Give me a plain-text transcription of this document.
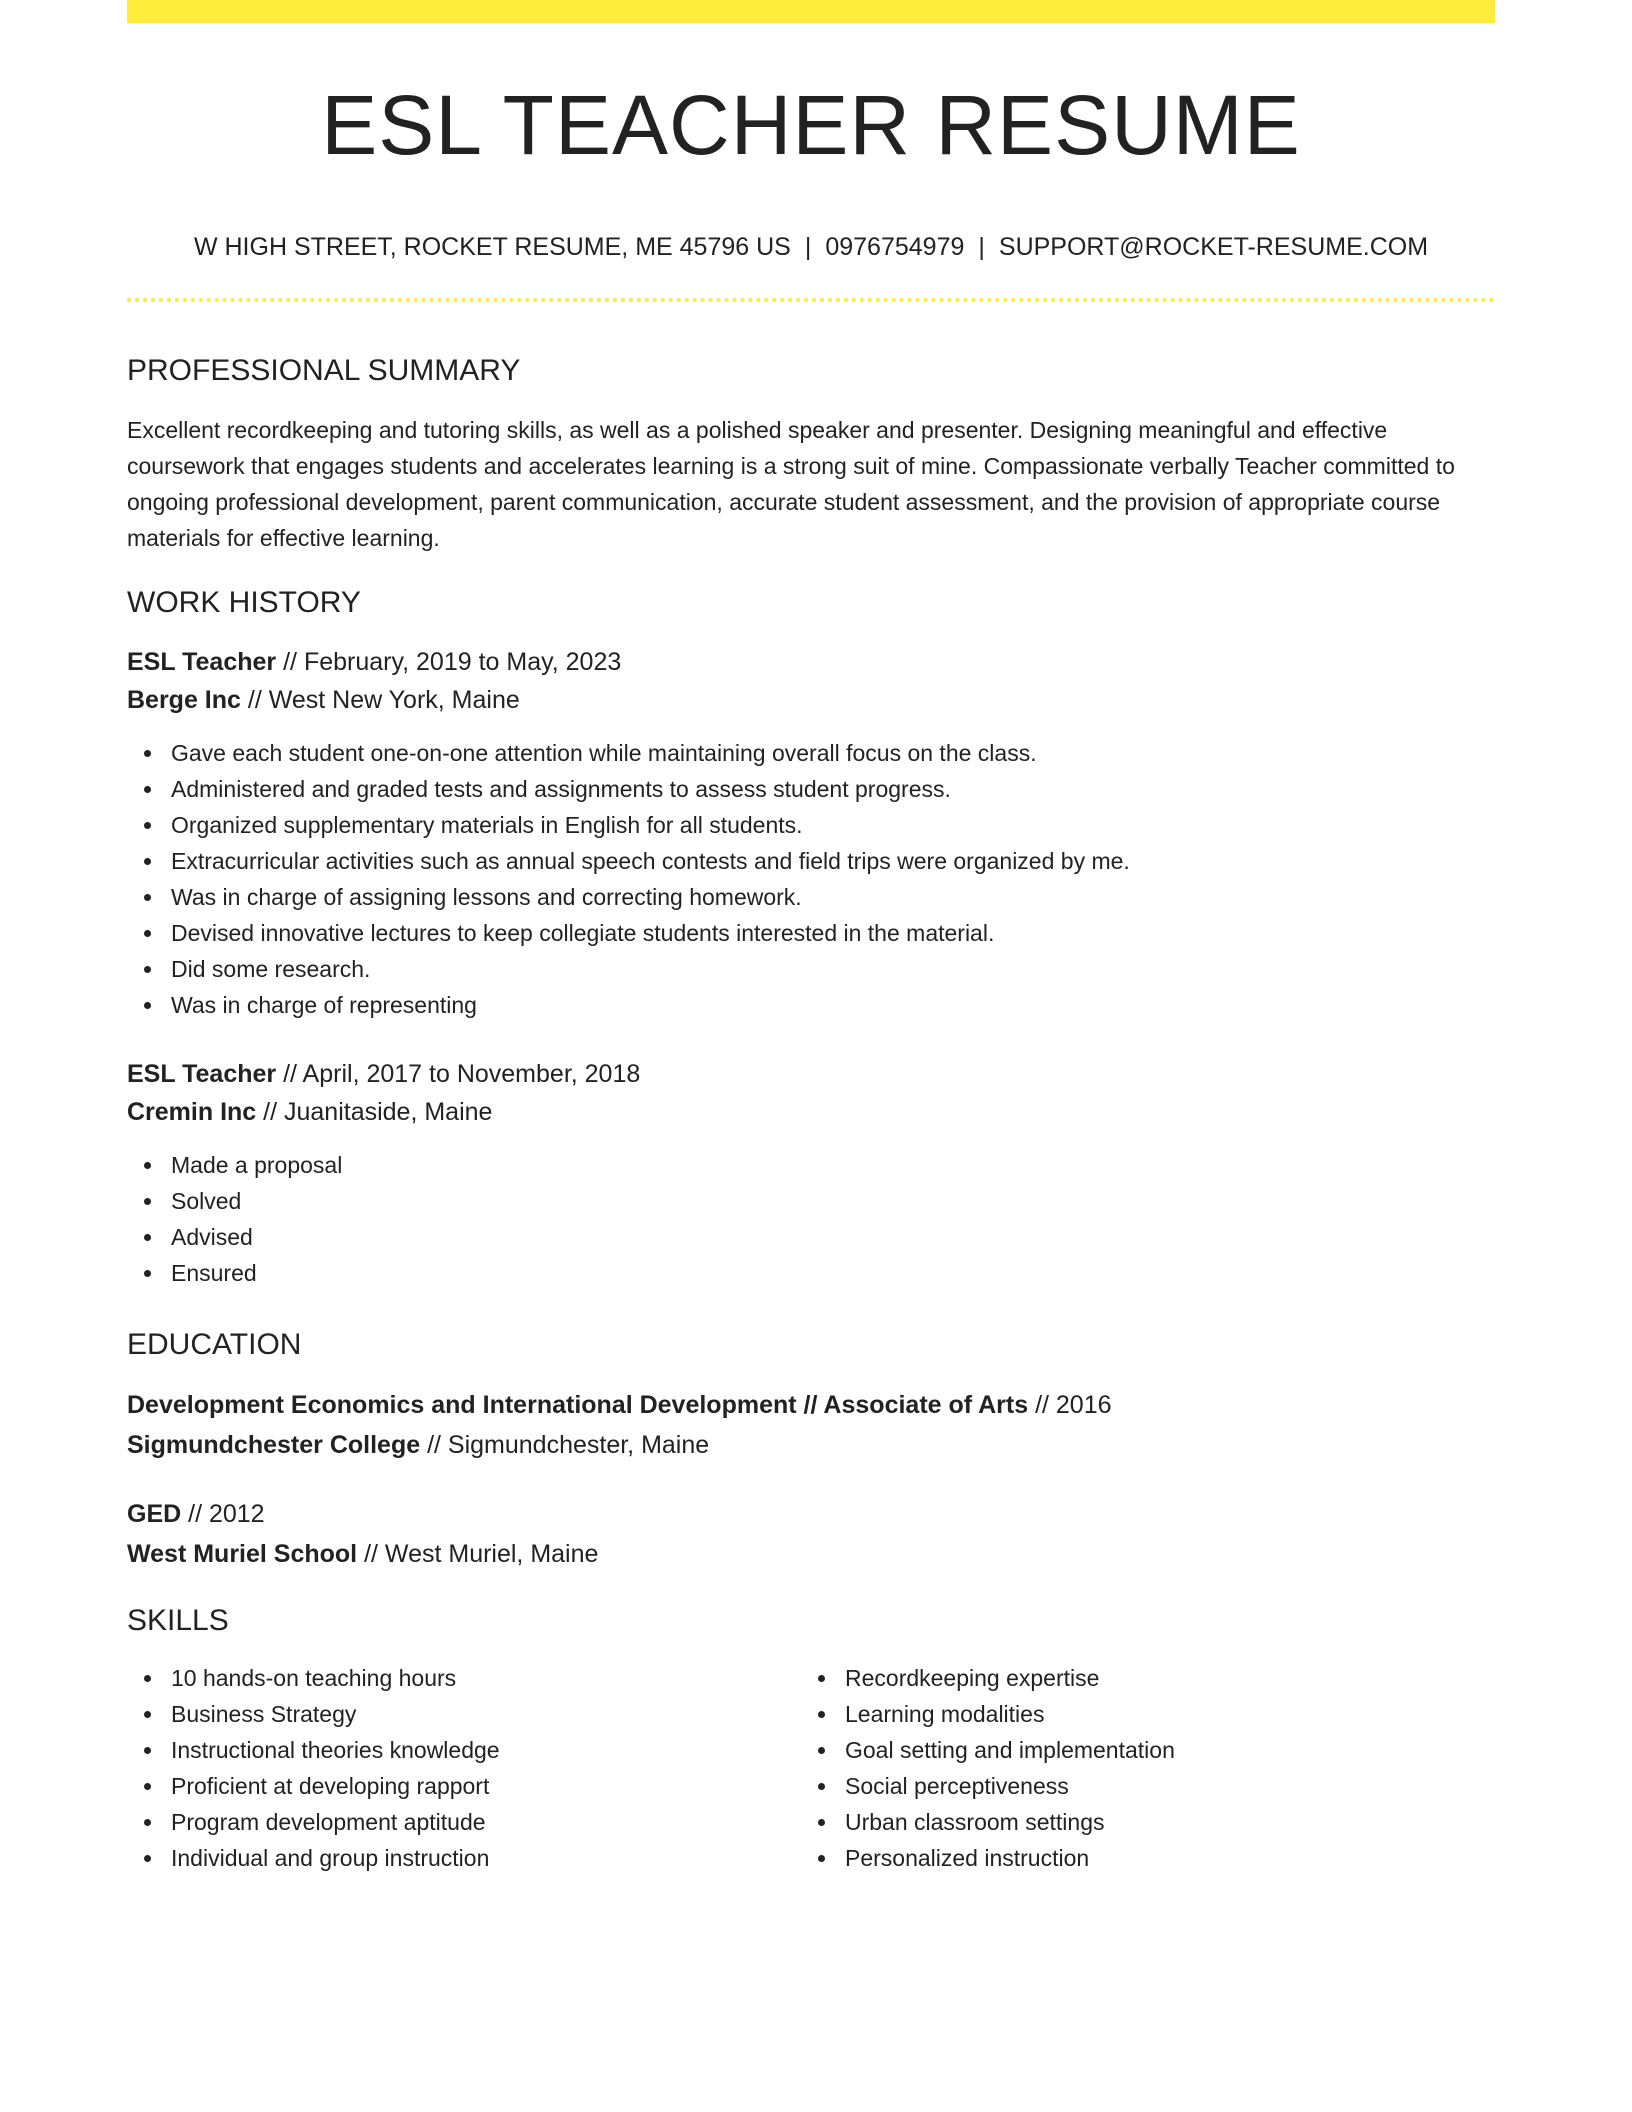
ESL TEACHER RESUME
W HIGH STREET, ROCKET RESUME, ME 45796 US | 0976754979 | SUPPORT@ROCKET-RESUME.COM
PROFESSIONAL SUMMARY

Excellent recordkeeping and tutoring skills, as well as a polished speaker and presenter. Designing meaningful and effective coursework that engages students and accelerates learning is a strong suit of mine. Compassionate verbally Teacher committed to ongoing professional development, parent communication, accurate student assessment, and the provision of appropriate course materials for effective learning.

WORK HISTORY

ESL Teacher // February, 2019 to May, 2023

Berge Inc // West New York, Maine

Gave each student one-on-one attention while maintaining overall focus on the class.
Administered and graded tests and assignments to assess student progress.
Organized supplementary materials in English for all students.
Extracurricular activities such as annual speech contests and field trips were organized by me.
Was in charge of assigning lessons and correcting homework.
Devised innovative lectures to keep collegiate students interested in the material.
Did some research.
Was in charge of representing

ESL Teacher // April, 2017 to November, 2018

Cremin Inc // Juanitaside, Maine

Made a proposal
Solved
Advised
Ensured
EDUCATION

Development Economics and International Development // Associate of Arts // 2016

Sigmundchester College // Sigmundchester, Maine

GED // 2012

West Muriel School // West Muriel, Maine

SKILLS
10 hands-on teaching hours
Business Strategy
Instructional theories knowledge
Proficient at developing rapport
Program development aptitude
Individual and group instruction
Recordkeeping expertise
Learning modalities
Goal setting and implementation
Social perceptiveness
Urban classroom settings
Personalized instruction
